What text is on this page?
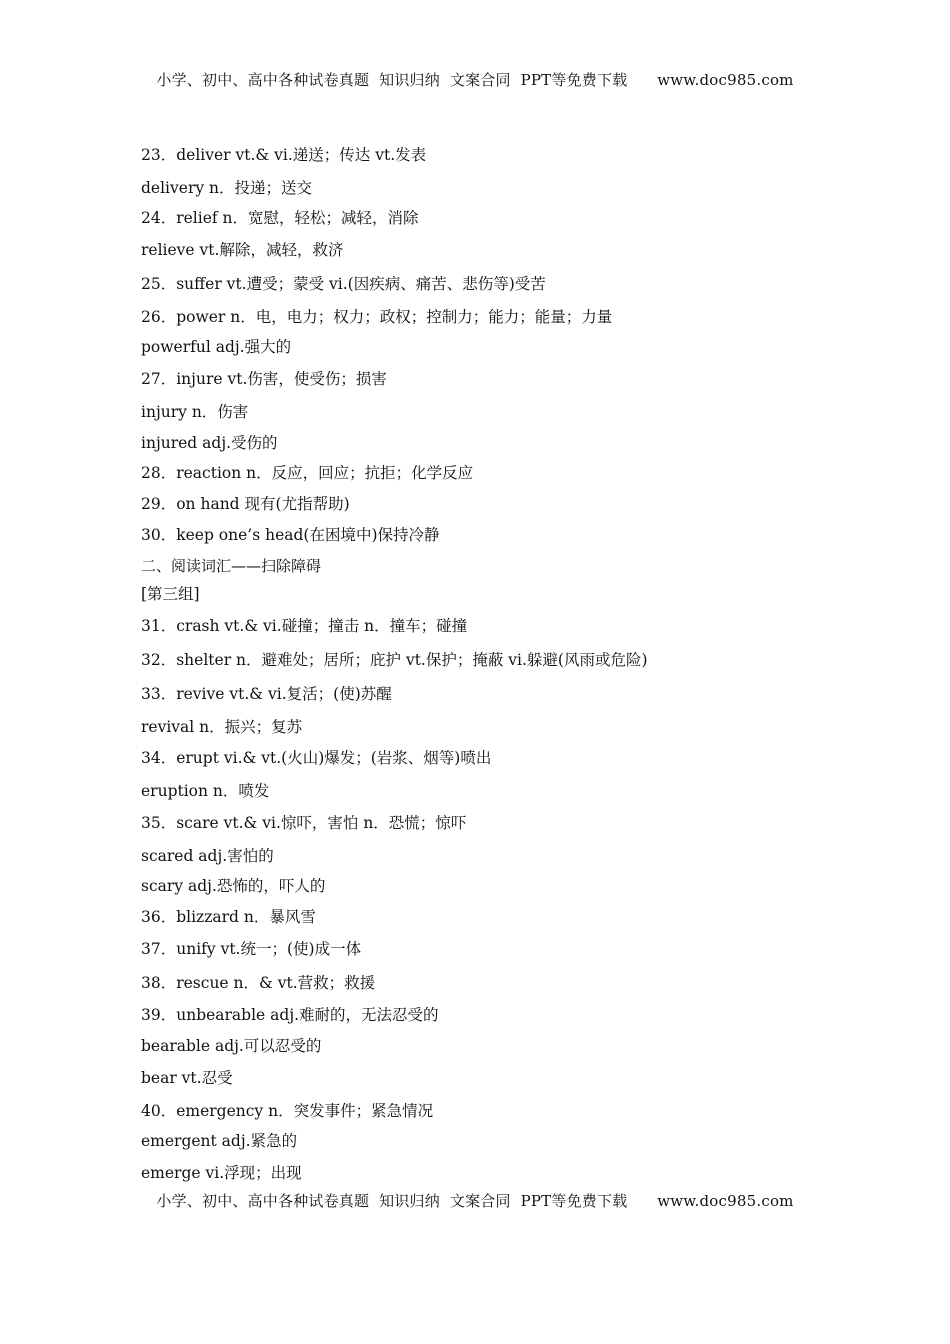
小学、初中、高中各种试卷真题  知识归纳  文案合同  PPT等免费下载      www.doc985.com
23．deliver vt.& vi.递送；传达 vt.发表
delivery n．投递；送交
24．relief n．宽慰，轻松；减轻，消除
relieve vt.解除，减轻，救济
25．suffer vt.遭受；蒙受 vi.(因疾病、痛苦、悲伤等)受苦
26．power n．电，电力；权力；政权；控制力；能力；能量；力量
powerful adj.强大的
27．injure vt.伤害，使受伤；损害
injury n．伤害
injured adj.受伤的
28．reaction n．反应，回应；抗拒；化学反应
29．on hand 现有(尤指帮助)
30．keep one’s head(在困境中)保持冷静
二、阅读词汇——扫除障碍
[第三组]
31．crash vt.& vi.碰撞；撞击 n．撞车；碰撞
32．shelter n．避难处；居所；庇护 vt.保护；掩蔽 vi.躲避(风雨或危险)
33．revive vt.& vi.复活；(使)苏醒
revival n．振兴；复苏
34．erupt vi.& vt.(火山)爆发；(岩浆、烟等)喷出
eruption n．喷发
35．scare vt.& vi.惊吓，害怕 n．恐慌；惊吓
scared adj.害怕的
scary adj.恐怖的，吓人的
36．blizzard n．暴风雪
37．unify vt.统一；(使)成一体
38．rescue n．& vt.营救；救援
39．unbearable adj.难耐的，无法忍受的
bearable adj.可以忍受的
bear vt.忍受
40．emergency n．突发事件；紧急情况
emergent adj.紧急的
emerge vi.浮现；出现
小学、初中、高中各种试卷真题  知识归纳  文案合同  PPT等免费下载      www.doc985.com
